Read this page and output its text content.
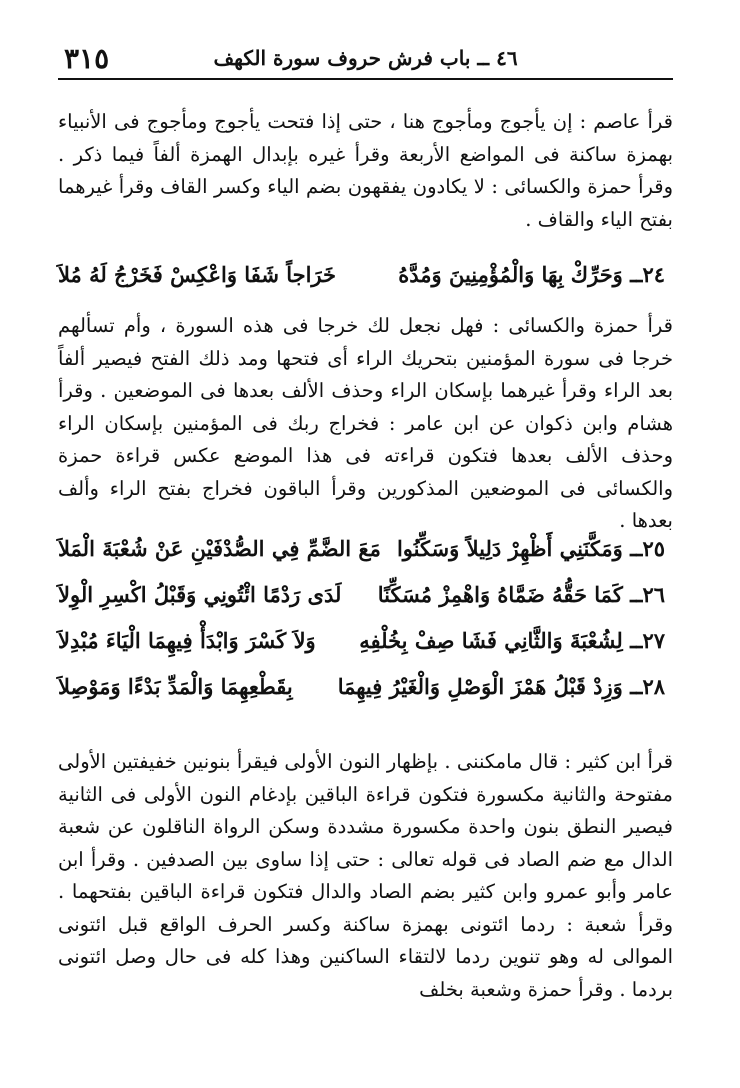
٣١٥	٤٦ ــ باب فرش حروف سورة الكهف

قرأ عاصم : إن يأجوج ومأجوج هنا ، حتى إذا فتحت يأجوج ومأجوج فى الأنبياء بهمزة ساكنة فى المواضع الأربعة وقرأ غيره بإبدال الهمزة ألفاً فيما ذكر . وقرأ حمزة والكسائى : لا يكادون يفقهون بضم الياء وكسر القاف وقرأ غيرهما بفتح الياء والقاف .

٢٤ــ وَحَرِّكْ بِهَا وَالْمُؤْمِنِينَ وَمُدَّهُ
خَرَاجاً شَفَا وَاعْكِسْ فَخَرْجُ لَهُ مُلاَ

قرأ حمزة والكسائى : فهل نجعل لك خرجا فى هذه السورة ، وأم تسألهم خرجا فى سورة المؤمنين بتحريك الراء أى فتحها ومد ذلك الفتح فيصير ألفاً بعد الراء وقرأ غيرهما بإسكان الراء وحذف الألف بعدها فى الموضعين . وقرأ هشام وابن ذكوان عن ابن عامر : فخراج ربك فى المؤمنين بإسكان الراء وحذف الألف بعدها فتكون قراءته فى هذا الموضع عكس قراءة حمزة والكسائى فى الموضعين المذكورين وقرأ الباقون فخراج بفتح الراء وألف بعدها .

٢٥ــ وَمَكَّنَنِي أَظْهِرْ دَلِيلاً وَسَكِّنُوا
مَعَ الضَّمِّ فِي الصُّدْفَيْنِ عَنْ شُعْبَةَ الْمَلاَ
٢٦ــ كَمَا حَقُّهُ ضَمَّاهُ وَاهْمِزْ مُسَكِّنًا
لَدَى رَدْمًا ائْتُونِي وَقَبْلُ اكْسِرِ الْوِلاَ
٢٧ــ لِشُعْبَةَ وَالثَّانِي فَشَا صِفْ بِخُلْفِهِ
وَلاَ كَسْرَ وَابْدَأْ فِيهِمَا الْيَاءَ مُبْدِلاَ
٢٨ــ وَزِدْ قَبْلُ هَمْزَ الْوَصْلِ وَالْغَيْرُ فِيهِمَا
بِقَطْعِهِمَا وَالْمَدِّ بَدْءًا وَمَوْصِلاَ

قرأ ابن كثير : قال مامكننى . بإظهار النون الأولى فيقرأ بنونين خفيفتين الأولى مفتوحة والثانية مكسورة فتكون قراءة الباقين بإدغام النون الأولى فى الثانية فيصير النطق بنون واحدة مكسورة مشددة وسكن الرواة الناقلون عن شعبة الدال مع ضم الصاد فى قوله تعالى : حتى إذا ساوى بين الصدفين . وقرأ ابن عامر وأبو عمرو وابن كثير بضم الصاد والدال فتكون قراءة الباقين بفتحهما . وقرأ شعبة : ردما ائتونى بهمزة ساكنة وكسر الحرف الواقع قبل ائتونى الموالى له وهو تنوين ردما لالتقاء الساكنين وهذا كله فى حال وصل ائتونى بردما . وقرأ حمزة وشعبة بخلف
